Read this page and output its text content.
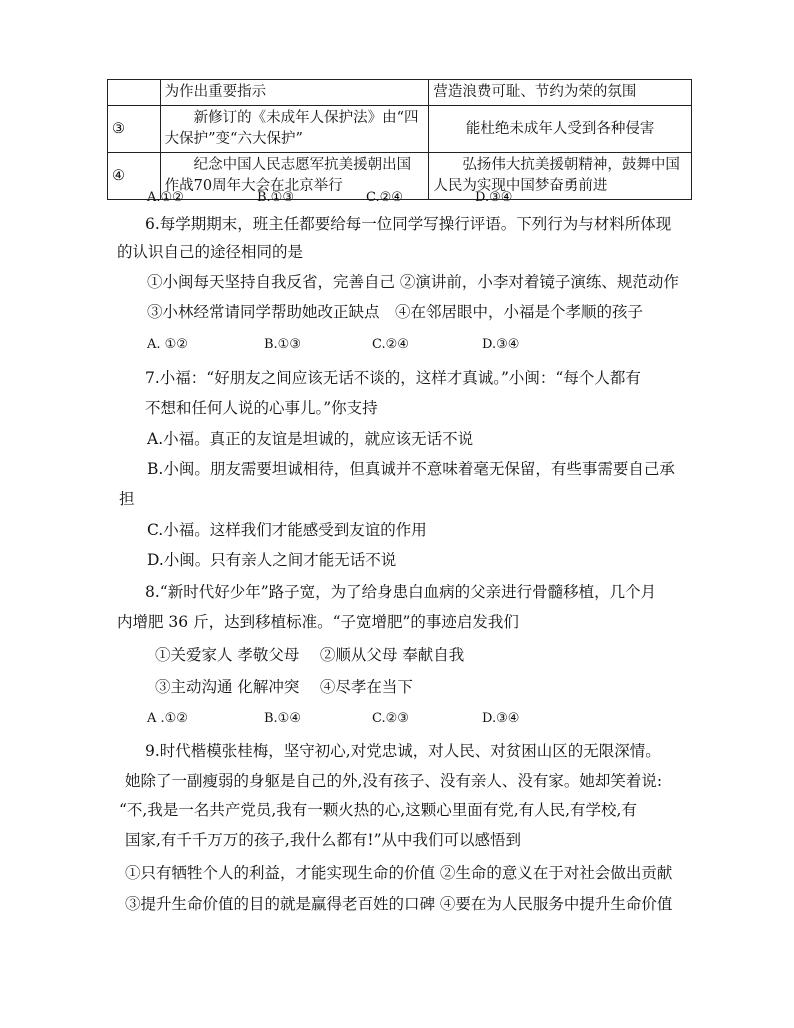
	为作出重要指示	营造浪费可耻、节约为荣的氛围
③	新修订的《未成年人保护法》由“四大保护”变“六大保护”	能杜绝未成年人受到各种侵害
④	纪念中国人民志愿军抗美援朝出国作战70周年大会在北京举行	弘扬伟大抗美援朝精神，鼓舞中国人民为实现中国梦奋勇前进
A.①②	B.①③	C.②④	D.③④
6.每学期期末，班主任都要给每一位同学写操行评语。下列行为与材料所体现
的认识自己的途径相同的是
①小闽每天坚持自我反省，完善自己 ②演讲前，小李对着镜子演练、规范动作
③小林经常请同学帮助她改正缺点　④在邻居眼中，小福是个孝顺的孩子
A. ①②	B.①③	C.②④	D.③④
7.小福：“好朋友之间应该无话不谈的，这样才真诚。”小闽：“每个人都有
不想和任何人说的心事儿。”你支持
A.小福。真正的友谊是坦诚的，就应该无话不说
B.小闽。朋友需要坦诚相待，但真诚并不意味着毫无保留，有些事需要自己承
担
C.小福。这样我们才能感受到友谊的作用
D.小闽。只有亲人之间才能无话不说
8.“新时代好少年”路子宽，为了给身患白血病的父亲进行骨髓移植，几个月
内增肥 36 斤，达到移植标准。“子宽增肥”的事迹启发我们
①关爱家人 孝敬父母　 ②顺从父母 奉献自我
③主动沟通 化解冲突　 ④尽孝在当下
A .①②	B.①④	C.②③	D.③④
9.时代楷模张桂梅，坚守初心,对党忠诚，对人民、对贫困山区的无限深情。
她除了一副瘦弱的身躯是自己的外,没有孩子、没有亲人、没有家。她却笑着说:
“不,我是一名共产党员,我有一颗火热的心,这颗心里面有党,有人民,有学校,有
国家,有千千万万的孩子,我什么都有!”从中我们可以感悟到
①只有牺牲个人的利益，才能实现生命的价值 ②生命的意义在于对社会做出贡献
③提升生命价值的目的就是赢得老百姓的口碑 ④要在为人民服务中提升生命价值
